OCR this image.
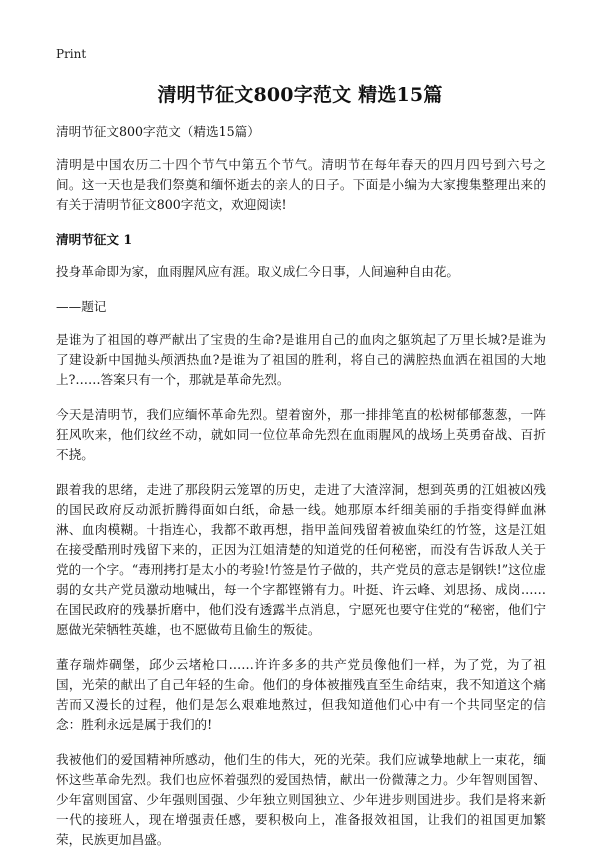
Print
清明节征文800字范文 精选15篇

清明节征文800字范文（精选15篇）

清明是中国农历二十四个节气中第五个节气。清明节在每年春天的四月四号到六号之间。这一天也是我们祭奠和缅怀逝去的亲人的日子。下面是小编为大家搜集整理出来的有关于清明节征文800字范文，欢迎阅读!

清明节征文 1

投身革命即为家，血雨腥风应有涯。取义成仁今日事，人间遍种自由花。

——题记

是谁为了祖国的尊严献出了宝贵的生命?是谁用自己的血肉之躯筑起了万里长城?是谁为了建设新中国抛头颅洒热血?是谁为了祖国的胜利，将自己的满腔热血洒在祖国的大地上?……答案只有一个，那就是革命先烈。

今天是清明节，我们应缅怀革命先烈。望着窗外，那一排排笔直的松树郁郁葱葱，一阵狂风吹来，他们纹丝不动，就如同一位位革命先烈在血雨腥风的战场上英勇奋战、百折不挠。

跟着我的思绪，走进了那段阴云笼罩的历史，走进了大渣滓洞，想到英勇的江姐被凶残的国民政府反动派折腾得面如白纸，命悬一线。她那原本纤细美丽的手指变得鲜血淋淋、血肉模糊。十指连心，我都不敢再想，指甲盖间残留着被血染红的竹签，这是江姐在接受酷刑时残留下来的，正因为江姐清楚的知道党的任何秘密，而没有告诉敌人关于党的一个字。“毒刑拷打是太小的考验!竹签是竹子做的，共产党员的意志是钢铁!”这位虚弱的女共产党员激动地喊出，每一个字都铿锵有力。叶挺、许云峰、刘思扬、成岗……在国民政府的残暴折磨中，他们没有透露半点消息，宁愿死也要守住党的“秘密，他们宁愿做光荣牺牲英雄，也不愿做苟且偷生的叛徒。

董存瑞炸碉堡，邱少云堵枪口……许许多多的共产党员像他们一样，为了党，为了祖国，光荣的献出了自己年轻的生命。他们的身体被摧残直至生命结束，我不知道这个痛苦而又漫长的过程，他们是怎么艰难地熬过，但我知道他们心中有一个共同坚定的信念：胜利永远是属于我们的!

我被他们的爱国精神所感动，他们生的伟大，死的光荣。我们应诚挚地献上一束花，缅怀这些革命先烈。我们也应怀着强烈的爱国热情，献出一份微薄之力。少年智则国智、少年富则国富、少年强则国强、少年独立则国独立、少年进步则国进步。我们是将来新一代的接班人，现在增强责任感，要积极向上，准备报效祖国，让我们的祖国更加繁荣，民族更加昌盛。
